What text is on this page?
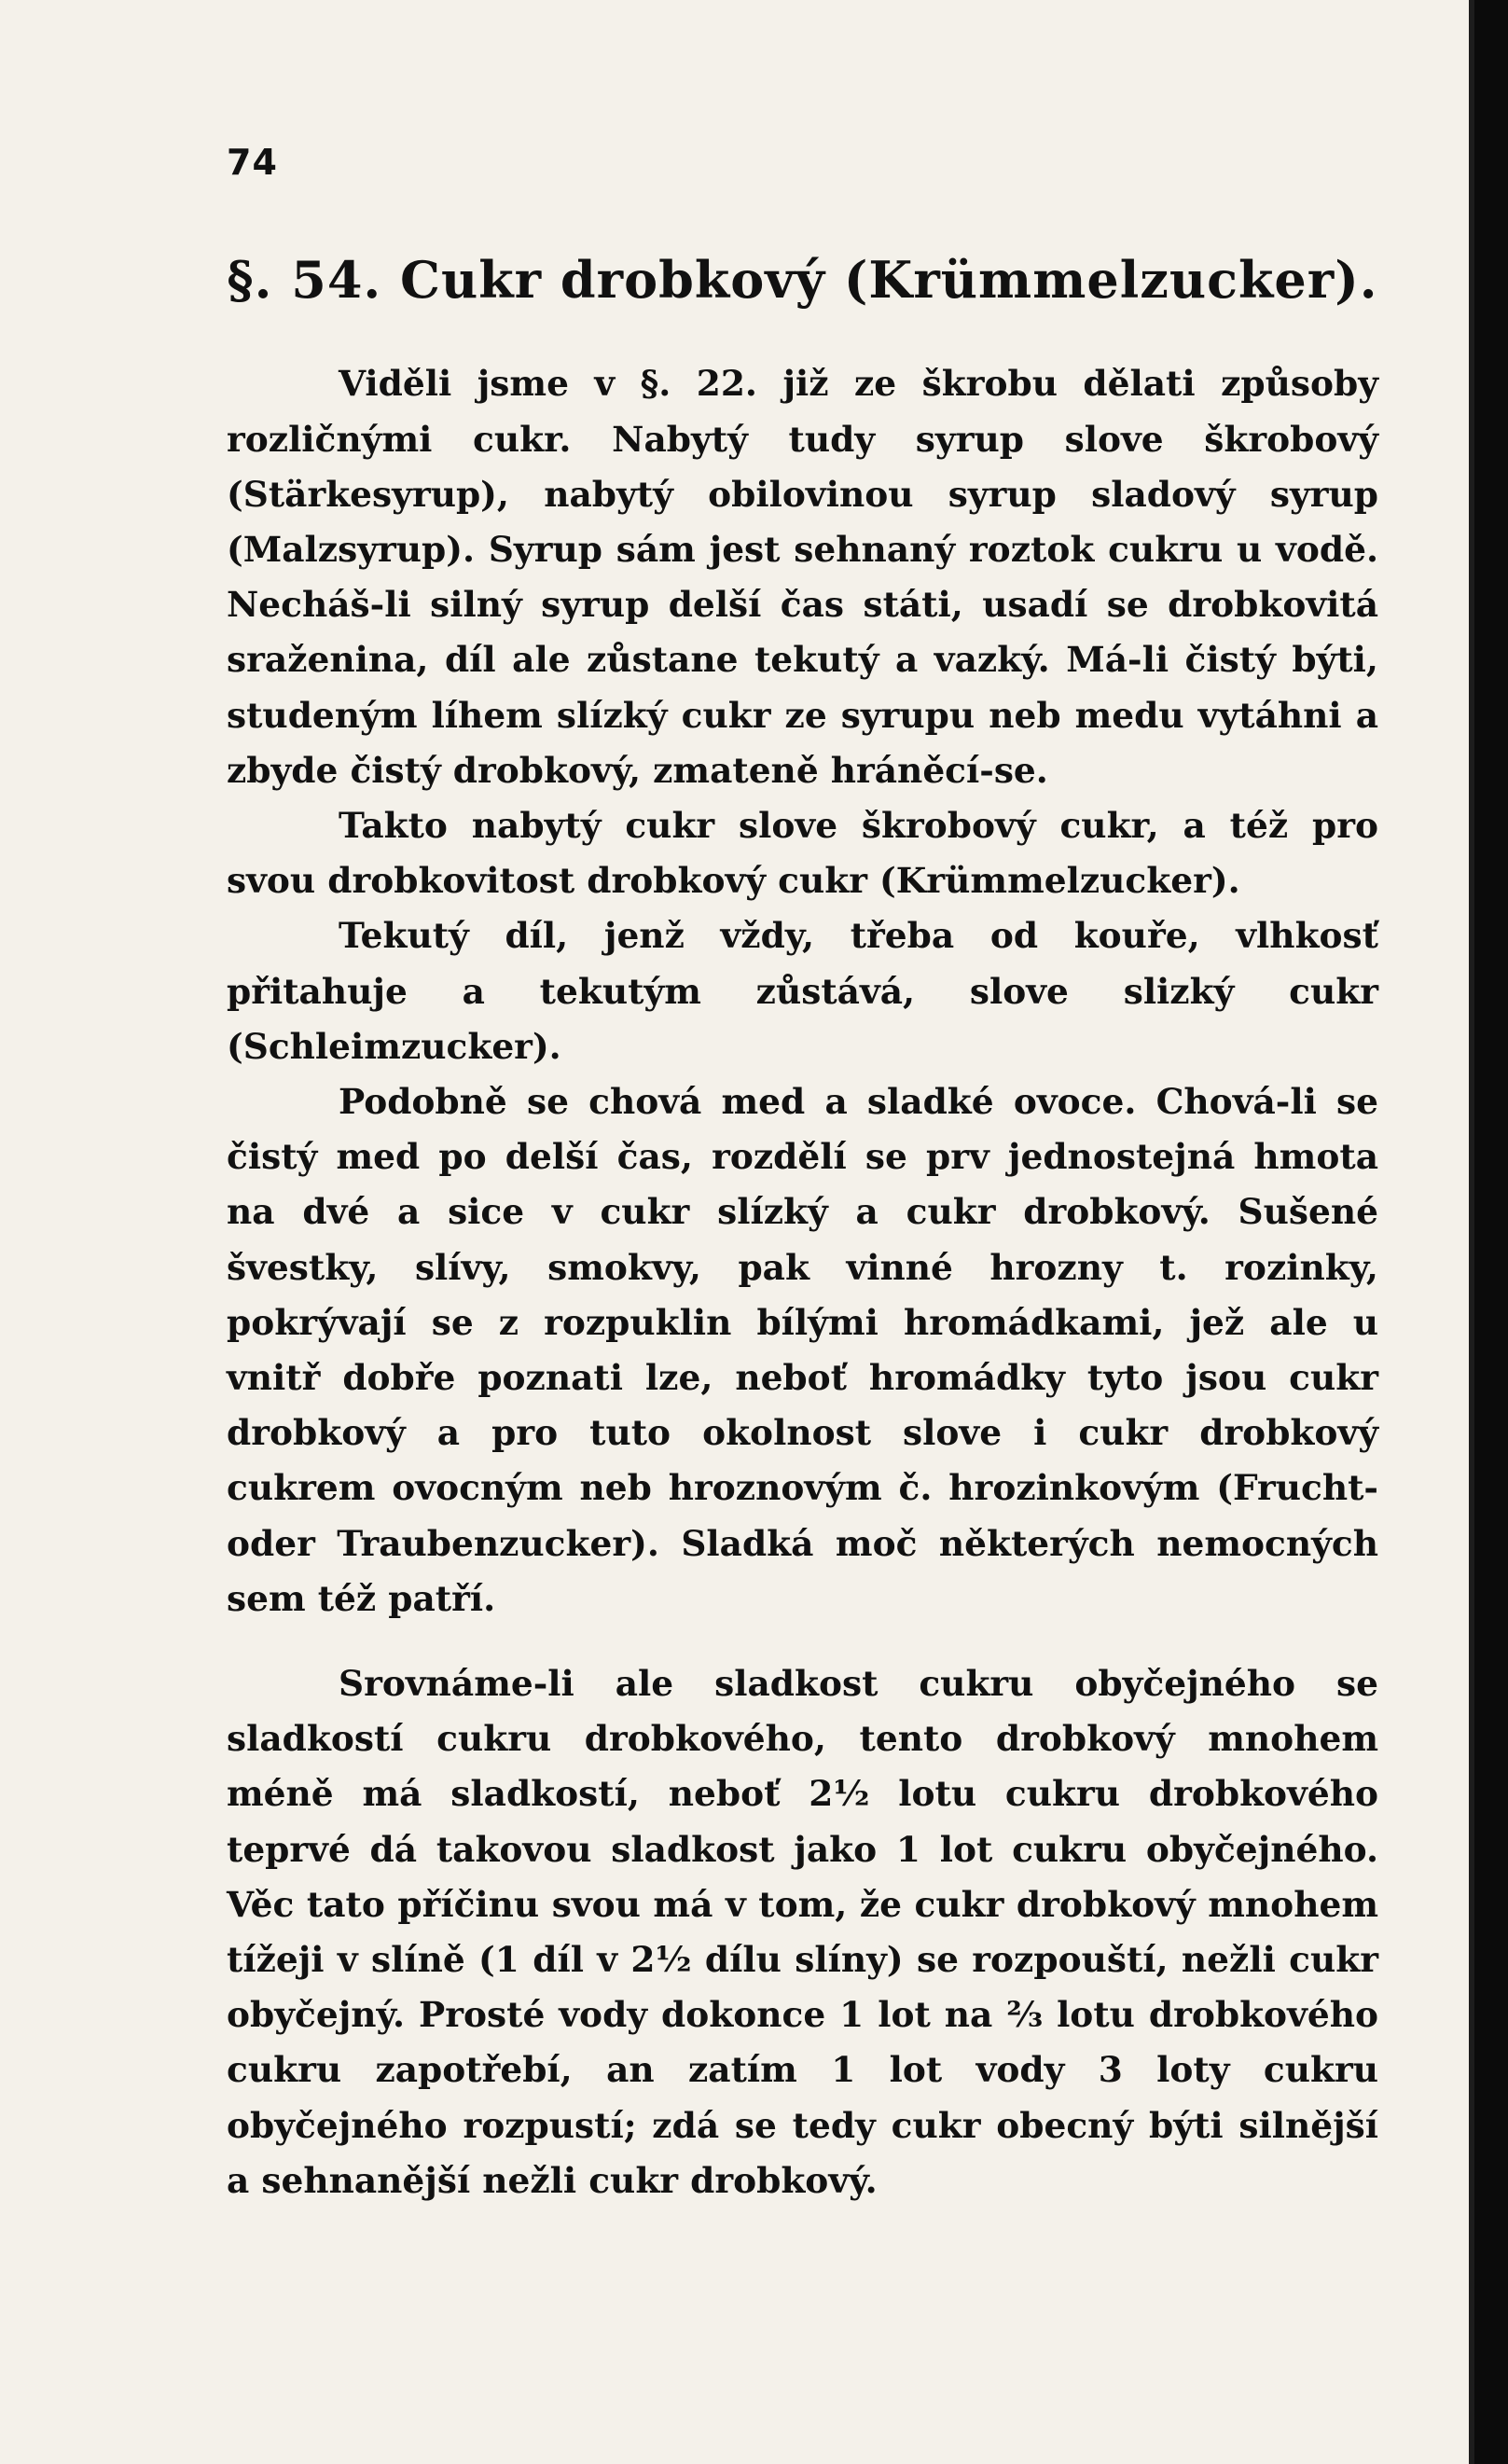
74
§. 54. Cukr drobkový (Krümmelzucker).

Viděli jsme v §. 22. již ze škrobu dělati způsoby rozličnými cukr. Nabytý tudy syrup slove škrobový (Stärkesyrup), nabytý obilovinou syrup sladový syrup (Malzsyrup). Syrup sám jest sehnaný roztok cukru u vodě. Necháš-li silný syrup delší čas státi, usadí se drobkovitá sraženina, díl ale zůstane tekutý a vazký. Má-li čistý býti, studeným líhem slízký cukr ze syrupu neb medu vytáhni a zbyde čistý drobkový, zmateně hráněcí-se.

Takto nabytý cukr slove škrobový cukr, a též pro svou drobkovitost drobkový cukr (Krümmelzucker).

Tekutý díl, jenž vždy, třeba od kouře, vlhkosť přitahuje a tekutým zůstává, slove slizký cukr (Schleimzucker).

Podobně se chová med a sladké ovoce. Chová-li se čistý med po delší čas, rozdělí se prv jednostejná hmota na dvé a sice v cukr slízký a cukr drobkový. Sušené švestky, slívy, smokvy, pak vinné hrozny t. rozinky, pokrývají se z rozpuklin bílými hromádkami, jež ale u vnitř dobře poznati lze, neboť hromádky tyto jsou cukr drobkový a pro tuto okolnost slove i cukr drobkový cukrem ovocným neb hroznovým č. hrozinkovým (Frucht- oder Traubenzucker). Sladká moč některých nemocných sem též patří.

Srovnáme-li ale sladkost cukru obyčejného se sladkostí cukru drobkového, tento drobkový mnohem méně má sladkostí, neboť 2½ lotu cukru drobkového teprvé dá takovou sladkost jako 1 lot cukru obyčejného. Věc tato příčinu svou má v tom, že cukr drobkový mnohem tížeji v slíně (1 díl v 2½ dílu slíny) se rozpouští, nežli cukr obyčejný. Prosté vody dokonce 1 lot na ⅔ lotu drobkového cukru zapotřebí, an zatím 1 lot vody 3 loty cukru obyčejného rozpustí; zdá se tedy cukr obecný býti silnější a sehnanější nežli cukr drobkový.
